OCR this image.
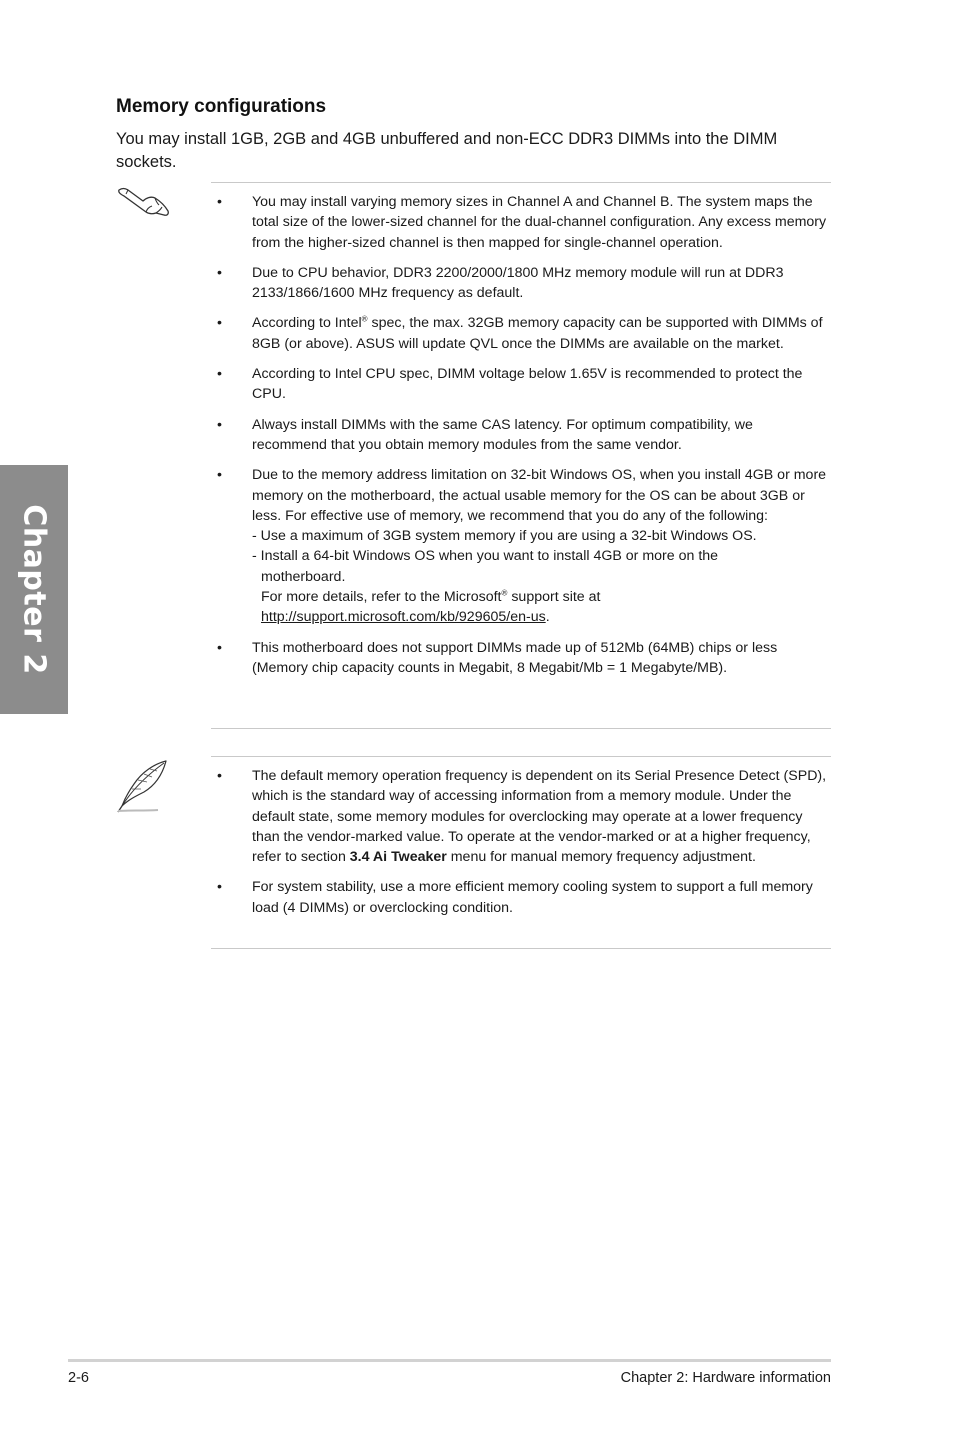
Chapter 2
Memory configurations

You may install 1GB, 2GB and 4GB unbuffered and non-ECC DDR3 DIMMs into the DIMM sockets.

• You may install varying memory sizes in Channel A and Channel B. The system maps the total size of the lower-sized channel for the dual-channel configuration. Any excess memory from the higher-sized channel is then mapped for single-channel operation.
• Due to CPU behavior, DDR3 2200/2000/1800 MHz memory module will run at DDR3 2133/1866/1600 MHz frequency as default.
• According to Intel® spec, the max. 32GB memory capacity can be supported with DIMMs of 8GB (or above). ASUS will update QVL once the DIMMs are available on the market.
• According to Intel CPU spec, DIMM voltage below 1.65V is recommended to protect the CPU.
• Always install DIMMs with the same CAS latency. For optimum compatibility, we recommend that you obtain memory modules from the same vendor.
• Due to the memory address limitation on 32-bit Windows OS, when you install 4GB or more memory on the motherboard, the actual usable memory for the OS can be about 3GB or less. For effective use of memory, we recommend that you do any of the following:
- Use a maximum of 3GB system memory if you are using a 32-bit Windows OS.
- Install a 64-bit Windows OS when you want to install 4GB or more on the
motherboard.
For more details, refer to the Microsoft® support site at
http://support.microsoft.com/kb/929605/en-us.
• This motherboard does not support DIMMs made up of 512Mb (64MB) chips or less (Memory chip capacity counts in Megabit, 8 Megabit/Mb = 1 Megabyte/MB).
• The default memory operation frequency is dependent on its Serial Presence Detect (SPD), which is the standard way of accessing information from a memory module. Under the default state, some memory modules for overclocking may operate at a lower frequency than the vendor-marked value. To operate at the vendor-marked or at a higher frequency, refer to section 3.4 Ai Tweaker menu for manual memory frequency adjustment.
• For system stability, use a more efficient memory cooling system to support a full memory load (4 DIMMs) or overclocking condition.
2-6	Chapter 2: Hardware information
